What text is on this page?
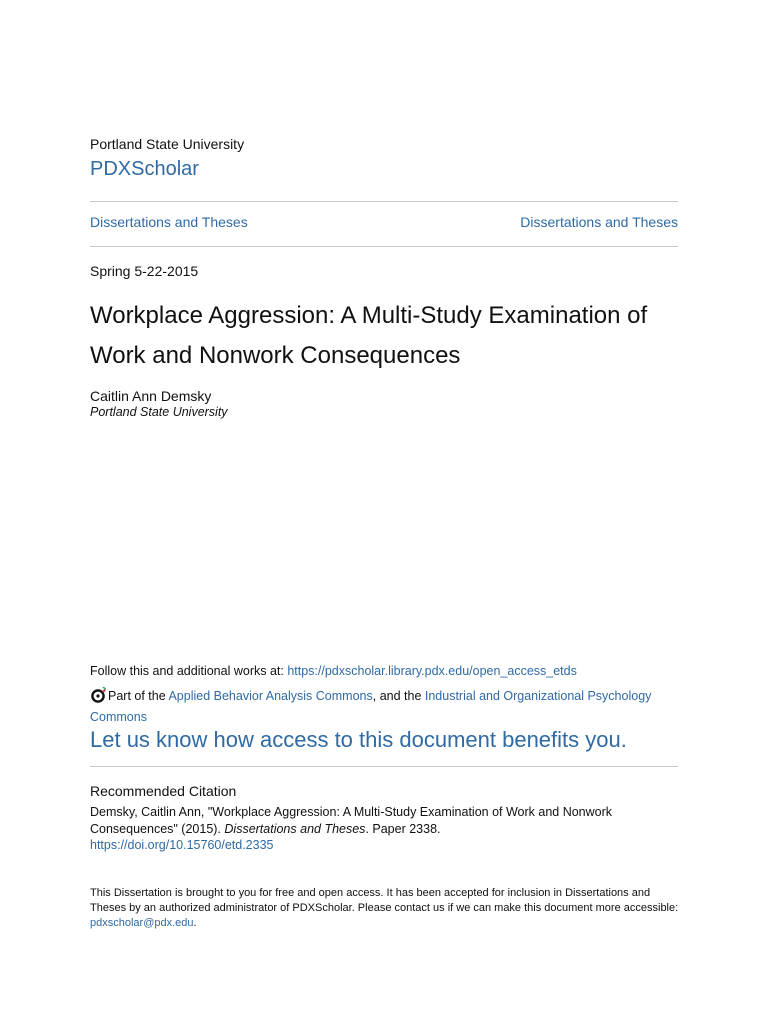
Portland State University
PDXScholar
Dissertations and Theses	Dissertations and Theses
Spring 5-22-2015
Workplace Aggression: A Multi-Study Examination of Work and Nonwork Consequences
Caitlin Ann Demsky
Portland State University
Follow this and additional works at: https://pdxscholar.library.pdx.edu/open_access_etds
Part of the Applied Behavior Analysis Commons, and the Industrial and Organizational Psychology Commons
Let us know how access to this document benefits you.
Recommended Citation
Demsky, Caitlin Ann, "Workplace Aggression: A Multi-Study Examination of Work and Nonwork Consequences" (2015). Dissertations and Theses. Paper 2338.
https://doi.org/10.15760/etd.2335
This Dissertation is brought to you for free and open access. It has been accepted for inclusion in Dissertations and Theses by an authorized administrator of PDXScholar. Please contact us if we can make this document more accessible: pdxscholar@pdx.edu.
